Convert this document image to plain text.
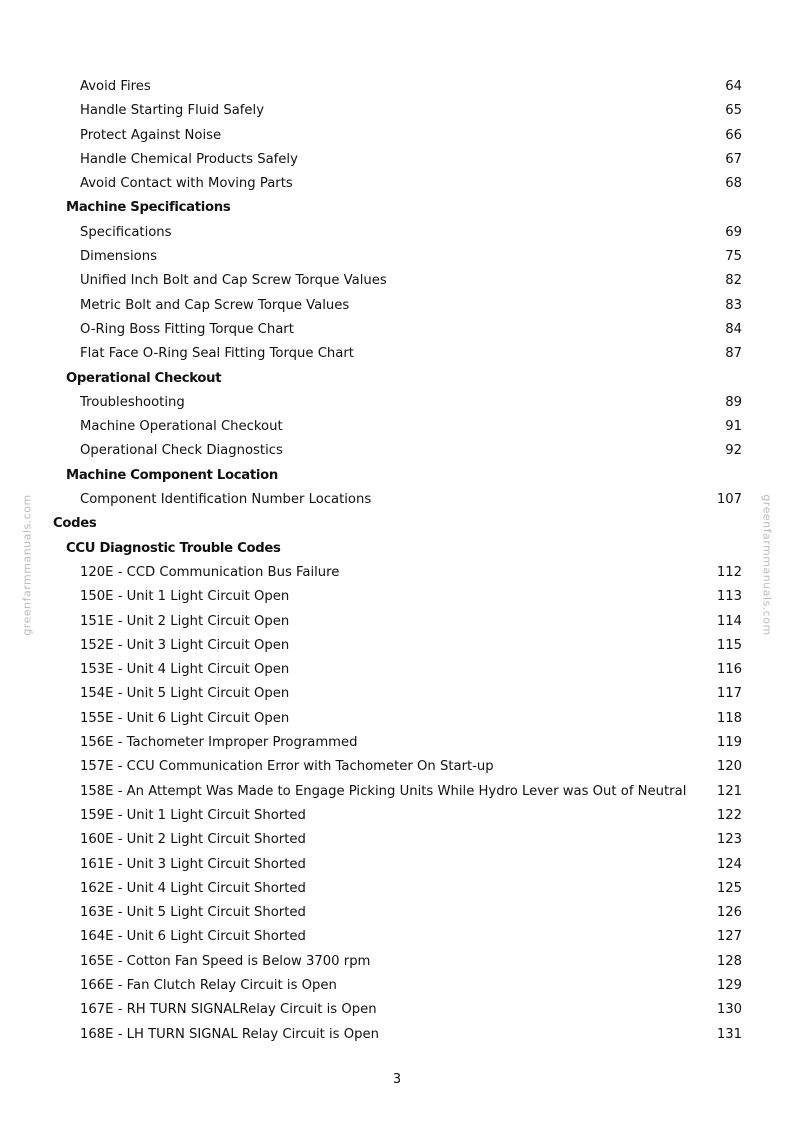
Avoid Fires	64
Handle Starting Fluid Safely	65
Protect Against Noise	66
Handle Chemical Products Safely	67
Avoid Contact with Moving Parts	68
Machine Specifications
Specifications	69
Dimensions	75
Unified Inch Bolt and Cap Screw Torque Values	82
Metric Bolt and Cap Screw Torque Values	83
O-Ring Boss Fitting Torque Chart	84
Flat Face O-Ring Seal Fitting Torque Chart	87
Operational Checkout
Troubleshooting	89
Machine Operational Checkout	91
Operational Check Diagnostics	92
Machine Component Location
Component Identification Number Locations	107
Codes
CCU Diagnostic Trouble Codes
120E - CCD Communication Bus Failure	112
150E - Unit 1 Light Circuit Open	113
151E - Unit 2 Light Circuit Open	114
152E - Unit 3 Light Circuit Open	115
153E - Unit 4 Light Circuit Open	116
154E - Unit 5 Light Circuit Open	117
155E - Unit 6 Light Circuit Open	118
156E - Tachometer Improper Programmed	119
157E - CCU Communication Error with Tachometer On Start-up	120
158E - An Attempt Was Made to Engage Picking Units While Hydro Lever was Out of Neutral 121
159E - Unit 1 Light Circuit Shorted	122
160E - Unit 2 Light Circuit Shorted	123
161E - Unit 3 Light Circuit Shorted	124
162E - Unit 4 Light Circuit Shorted	125
163E - Unit 5 Light Circuit Shorted	126
164E - Unit 6 Light Circuit Shorted	127
165E - Cotton Fan Speed is Below 3700 rpm	128
166E - Fan Clutch Relay Circuit is Open	129
167E - RH TURN SIGNALRelay Circuit is Open	130
168E - LH TURN SIGNAL Relay Circuit is Open	131
greenfarmmanuals.com	greenfarmmanuals.com
3
